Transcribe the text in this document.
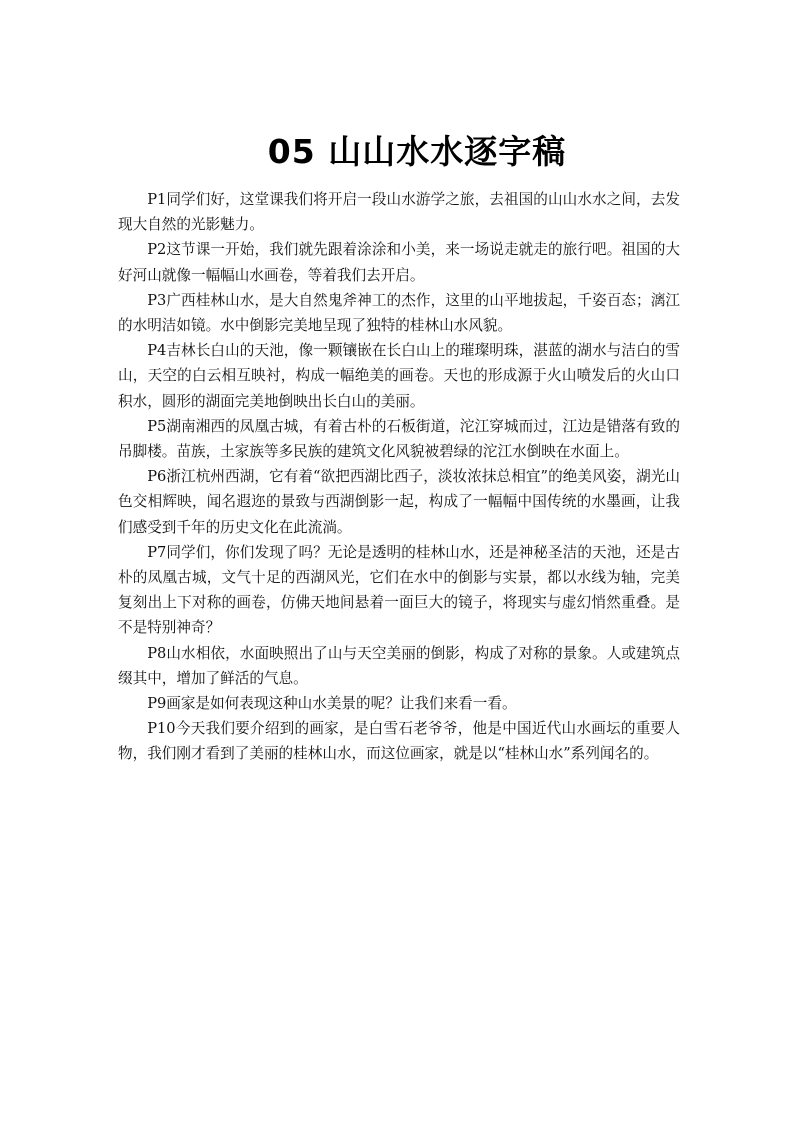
05 山山水水逐字稿

P1同学们好，这堂课我们将开启一段山水游学之旅，去祖国的山山水水之间，去发现大自然的光影魅力。

P2这节课一开始，我们就先跟着涂涂和小美，来一场说走就走的旅行吧。祖国的大好河山就像一幅幅山水画卷，等着我们去开启。

P3广西桂林山水，是大自然鬼斧神工的杰作，这里的山平地拔起，千姿百态；漓江的水明洁如镜。水中倒影完美地呈现了独特的桂林山水风貌。

P4吉林长白山的天池，像一颗镶嵌在长白山上的璀璨明珠，湛蓝的湖水与洁白的雪山，天空的白云相互映衬，构成一幅绝美的画卷。天也的形成源于火山喷发后的火山口积水，圆形的湖面完美地倒映出长白山的美丽。

P5湖南湘西的凤凰古城，有着古朴的石板街道，沱江穿城而过，江边是错落有致的吊脚楼。苗族，土家族等多民族的建筑文化风貌被碧绿的沱江水倒映在水面上。

P6浙江杭州西湖，它有着“欲把西湖比西子，淡妆浓抹总相宜”的绝美风姿，湖光山色交相辉映，闻名遐迩的景致与西湖倒影一起，构成了一幅幅中国传统的水墨画，让我们感受到千年的历史文化在此流淌。

P7同学们，你们发现了吗？无论是透明的桂林山水，还是神秘圣洁的天池，还是古朴的凤凰古城，文气十足的西湖风光，它们在水中的倒影与实景，都以水线为轴，完美复刻出上下对称的画卷，仿佛天地间悬着一面巨大的镜子，将现实与虚幻悄然重叠。是不是特别神奇？

P8山水相依，水面映照出了山与天空美丽的倒影，构成了对称的景象。人或建筑点缀其中，增加了鲜活的气息。

P9画家是如何表现这种山水美景的呢？让我们来看一看。

P10今天我们要介绍到的画家，是白雪石老爷爷，他是中国近代山水画坛的重要人物，我们刚才看到了美丽的桂林山水，而这位画家，就是以“桂林山水”系列闻名的。
